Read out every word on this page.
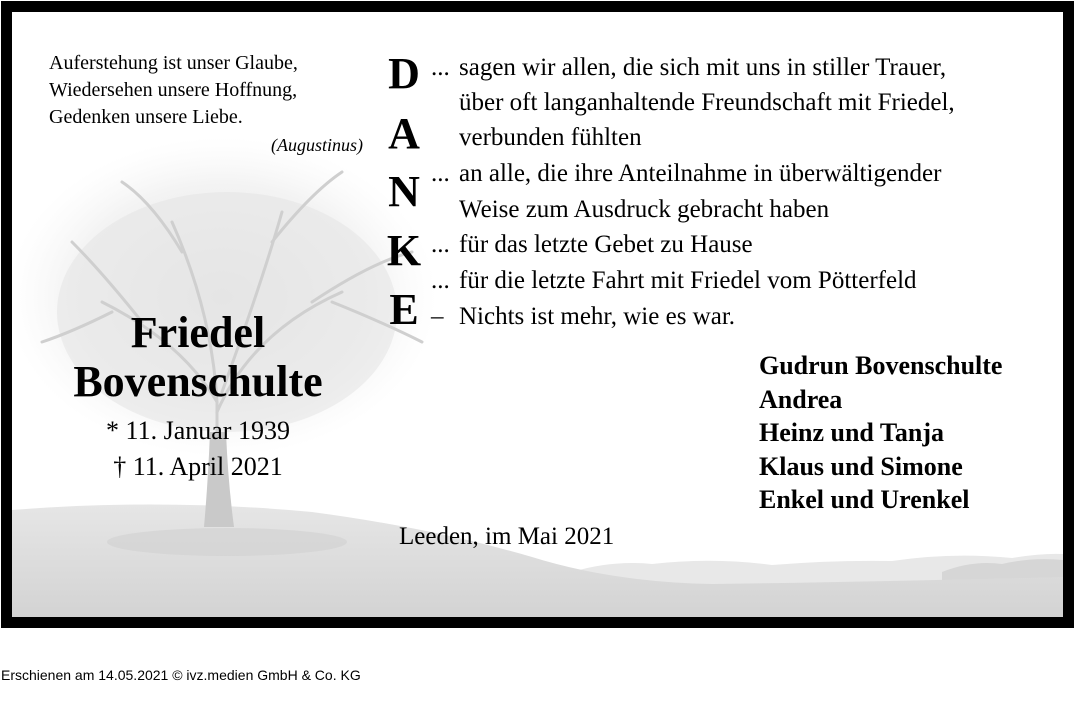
Auferstehung ist unser Glaube,
Wiedersehen unsere Hoffnung,
Gedenken unsere Liebe.
(Augustinus)
Friedel
Bovenschulte
* 11. Januar 1939
† 11. April 2021
D
A
N
K
E
...
...
...
...
–
sagen wir allen, die sich mit uns in stiller Trauer,
über oft langanhaltende Freundschaft mit Friedel,
verbunden fühlten
an alle, die ihre Anteilnahme in überwältigender
Weise zum Ausdruck gebracht haben
für das letzte Gebet zu Hause
für die letzte Fahrt mit Friedel vom Pötterfeld
Nichts ist mehr, wie es war.
Gudrun Bovenschulte
Andrea
Heinz und Tanja
Klaus und Simone
Enkel und Urenkel
Leeden, im Mai 2021
Erschienen am 14.05.2021 © ivz.medien GmbH & Co. KG
